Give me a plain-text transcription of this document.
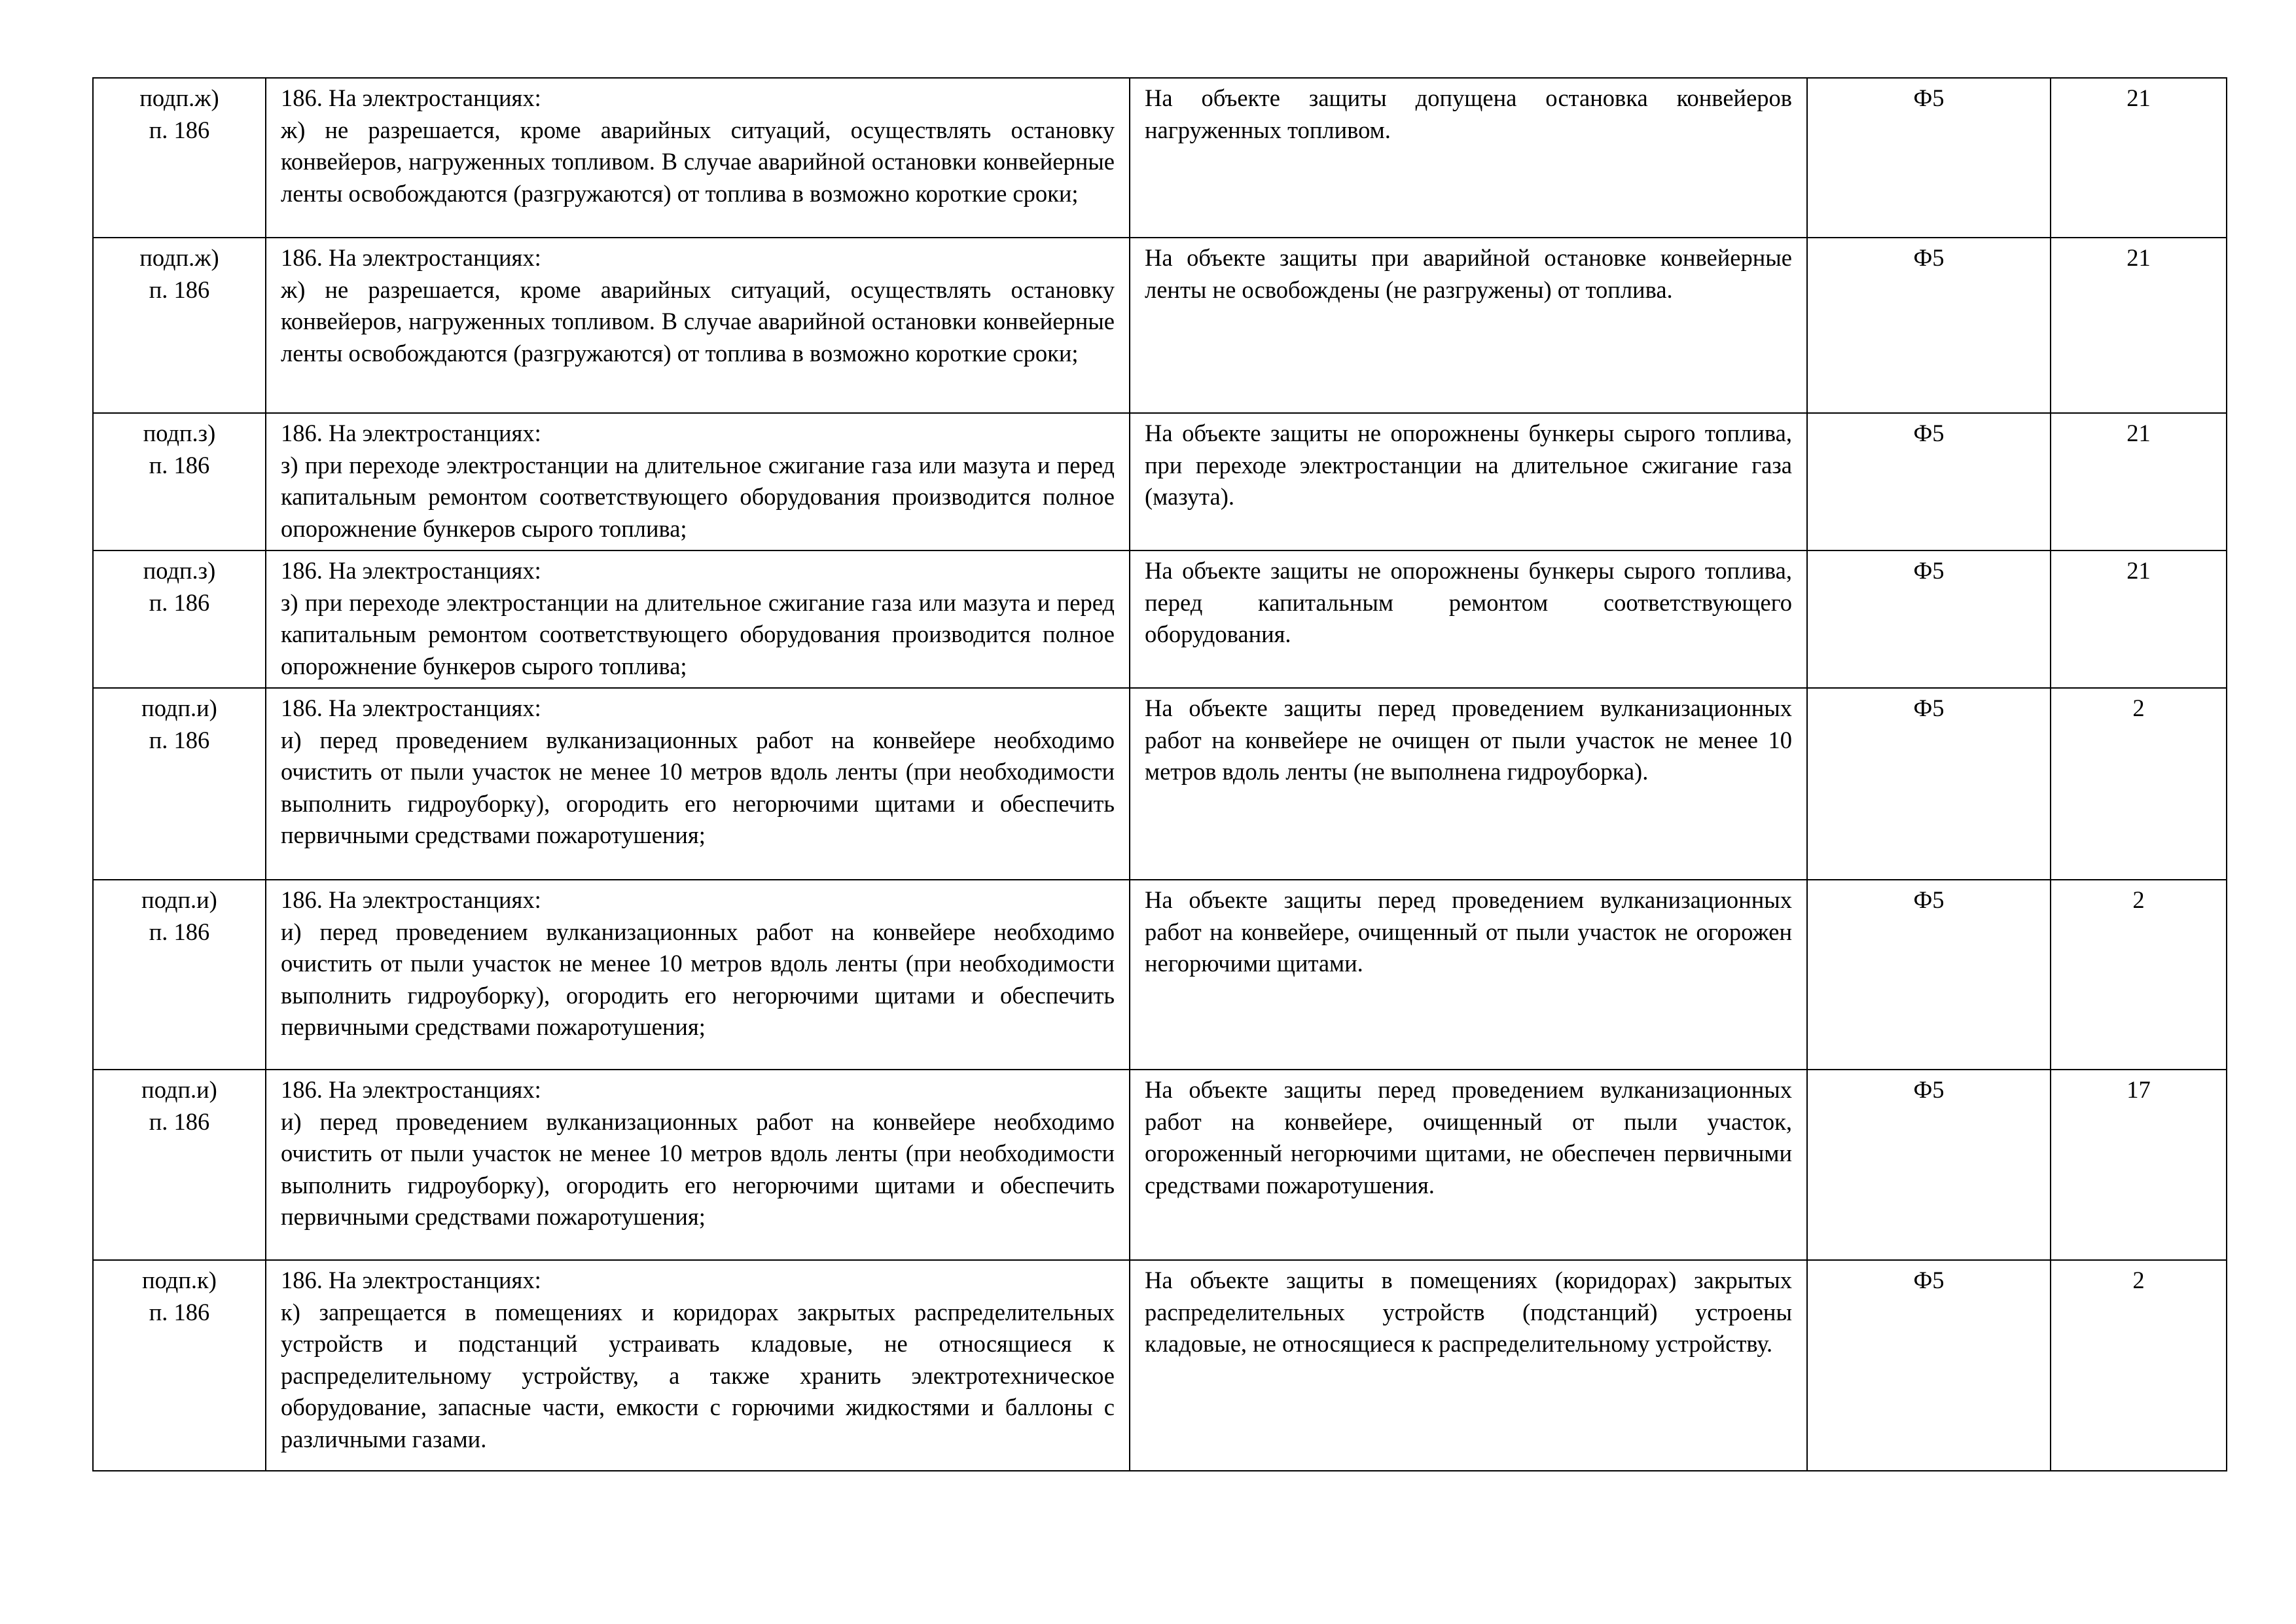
подп.ж)
п. 186	186. На электростанциях:
ж) не разрешается, кроме аварийных ситуаций, осуществлять остановку конвейеров, нагруженных топливом. В случае аварийной остановки конвейерные ленты освобождаются (разгружаются) от топлива в возможно короткие сроки;	На объекте защиты допущена остановка конвейеров нагруженных топливом.	Ф5	21

подп.ж)
п. 186	186. На электростанциях:
ж) не разрешается, кроме аварийных ситуаций, осуществлять остановку конвейеров, нагруженных топливом. В случае аварийной остановки конвейерные ленты освобождаются (разгружаются) от топлива в возможно короткие сроки;	На объекте защиты при аварийной остановке конвейерные ленты не освобождены (не разгружены) от топлива.	Ф5	21

подп.з)
п. 186	186. На электростанциях:
з) при переходе электростанции на длительное сжигание газа или мазута и перед капитальным ремонтом соответствующего оборудования производится полное опорожнение бункеров сырого топлива;	На объекте защиты не опорожнены бункеры сырого топлива, при переходе электростанции на длительное сжигание газа (мазута).	Ф5	21

подп.з)
п. 186	186. На электростанциях:
з) при переходе электростанции на длительное сжигание газа или мазута и перед капитальным ремонтом соответствующего оборудования производится полное опорожнение бункеров сырого топлива;	На объекте защиты не опорожнены бункеры сырого топлива, перед капитальным ремонтом соответствующего оборудования.	Ф5	21

подп.и)
п. 186	186. На электростанциях:
и) перед проведением вулканизационных работ на конвейере необходимо очистить от пыли участок не менее 10 метров вдоль ленты (при необходимости выполнить гидроуборку), огородить его негорючими щитами и обеспечить первичными средствами пожаротушения;	На объекте защиты перед проведением вулканизационных работ на конвейере не очищен от пыли участок не менее 10 метров вдоль ленты (не выполнена гидроуборка).	Ф5	2

подп.и)
п. 186	186. На электростанциях:
и) перед проведением вулканизационных работ на конвейере необходимо очистить от пыли участок не менее 10 метров вдоль ленты (при необходимости выполнить гидроуборку), огородить его негорючими щитами и обеспечить первичными средствами пожаротушения;	На объекте защиты перед проведением вулканизационных работ на конвейере, очищенный от пыли участок не огорожен негорючими щитами.	Ф5	2

подп.и)
п. 186	186. На электростанциях:
и) перед проведением вулканизационных работ на конвейере необходимо очистить от пыли участок не менее 10 метров вдоль ленты (при необходимости выполнить гидроуборку), огородить его негорючими щитами и обеспечить первичными средствами пожаротушения;	На объекте защиты перед проведением вулканизационных работ на конвейере, очищенный от пыли участок, огороженный негорючими щитами, не обеспечен первичными средствами пожаротушения.	Ф5	17

подп.к)
п. 186	186. На электростанциях:
к) запрещается в помещениях и коридорах закрытых распределительных устройств и подстанций устраивать кладовые, не относящиеся к распределительному устройству, а также хранить электротехническое оборудование, запасные части, емкости с горючими жидкостями и баллоны с различными газами.	На объекте защиты в помещениях (коридорах) закрытых распределительных устройств (подстанций) устроены кладовые, не относящиеся к распределительному устройству.	Ф5	2
